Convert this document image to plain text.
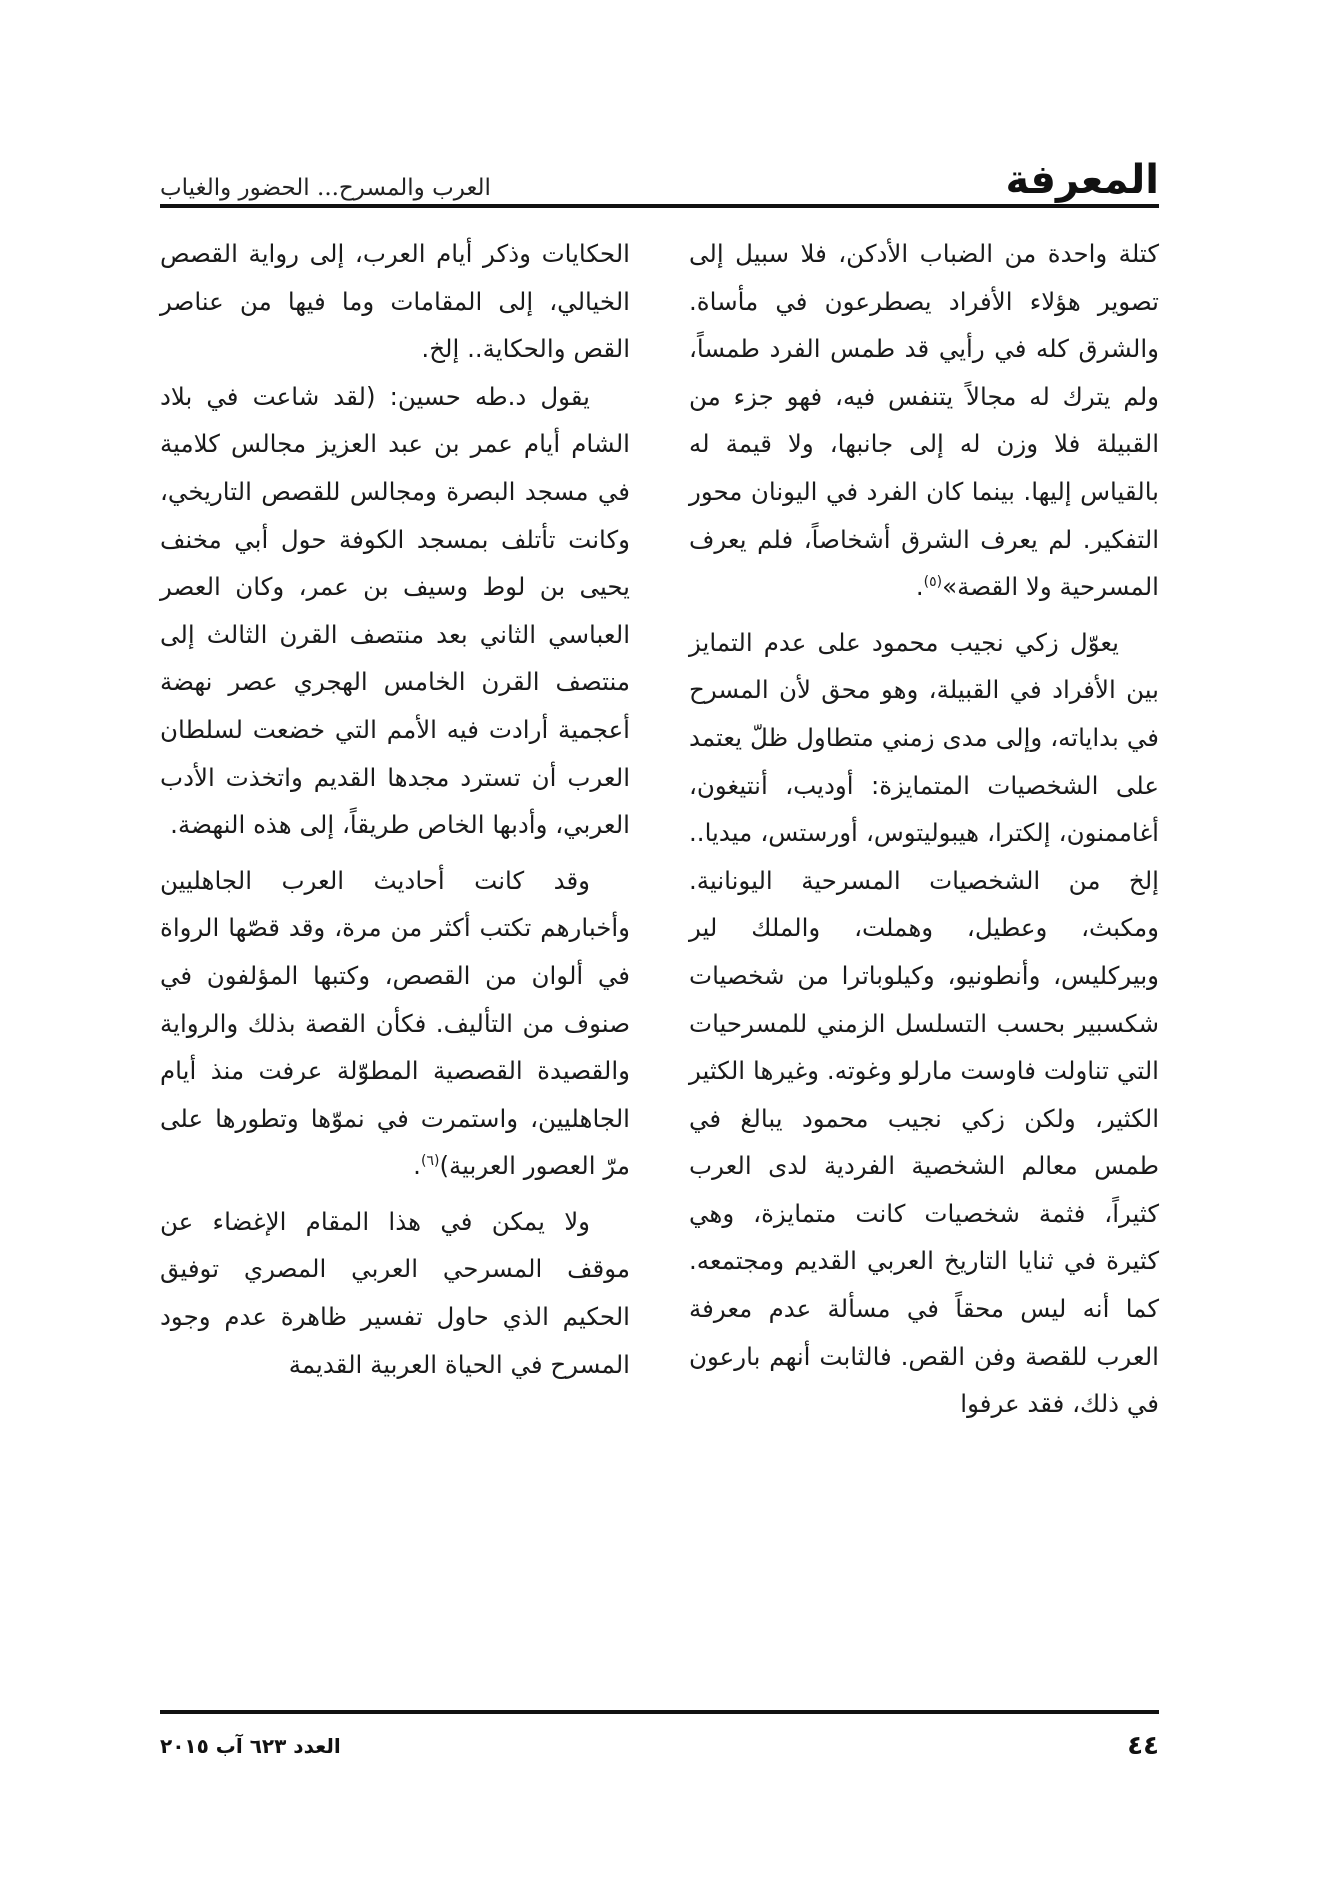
المعرفة
العرب والمسرح... الحضور والغياب

كتلة واحدة من الضباب الأدكن، فلا سبيل إلى تصوير هؤلاء الأفراد يصطرعون في مأساة. والشرق كله في رأيي قد طمس الفرد طمساً، ولم يترك له مجالاً يتنفس فيه، فهو جزء من القبيلة فلا وزن له إلى جانبها، ولا قيمة له بالقياس إليها. بينما كان الفرد في اليونان محور التفكير. لم يعرف الشرق أشخاصاً، فلم يعرف المسرحية ولا القصة»$^{(٥)}$.

يعوّل زكي نجيب محمود على عدم التمايز بين الأفراد في القبيلة، وهو محق لأن المسرح في بداياته، وإلى مدى زمني متطاول ظلّ يعتمد على الشخصيات المتمايزة: أوديب، أنتيغون، أغاممنون، إلكترا، هيبوليتوس، أورستس، ميديا.. إلخ من الشخصيات المسرحية اليونانية. ومكبث، وعطيل، وهملت، والملك لير وبيركليس، وأنطونيو، وكيلوباترا من شخصيات شكسبير بحسب التسلسل الزمني للمسرحيات التي تناولت فاوست مارلو وغوته. وغيرها الكثير الكثير، ولكن زكي نجيب محمود يبالغ في طمس معالم الشخصية الفردية لدى العرب كثيراً، فثمة شخصيات كانت متمايزة، وهي كثيرة في ثنايا التاريخ العربي القديم ومجتمعه. كما أنه ليس محقاً في مسألة عدم معرفة العرب للقصة وفن القص. فالثابت أنهم بارعون في ذلك، فقد عرفوا

الحكايات وذكر أيام العرب، إلى رواية القصص الخيالي، إلى المقامات وما فيها من عناصر القص والحكاية.. إلخ.

يقول د.طه حسين: (لقد شاعت في بلاد الشام أيام عمر بن عبد العزيز مجالس كلامية في مسجد البصرة ومجالس للقصص التاريخي، وكانت تأتلف بمسجد الكوفة حول أبي مخنف يحيى بن لوط وسيف بن عمر، وكان العصر العباسي الثاني بعد منتصف القرن الثالث إلى منتصف القرن الخامس الهجري عصر نهضة أعجمية أرادت فيه الأمم التي خضعت لسلطان العرب أن تسترد مجدها القديم واتخذت الأدب العربي، وأدبها الخاص طريقاً، إلى هذه النهضة.

وقد كانت أحاديث العرب الجاهليين وأخبارهم تكتب أكثر من مرة، وقد قصّها الرواة في ألوان من القصص، وكتبها المؤلفون في صنوف من التأليف. فكأن القصة بذلك والرواية والقصيدة القصصية المطوّلة عرفت منذ أيام الجاهليين، واستمرت في نموّها وتطورها على مرّ العصور العربية)$^{(٦)}$.

ولا يمكن في هذا المقام الإغضاء عن موقف المسرحي العربي المصري توفيق الحكيم الذي حاول تفسير ظاهرة عدم وجود المسرح في الحياة العربية القديمة

٤٤
العدد ٦٢٣ آب ٢٠١٥
